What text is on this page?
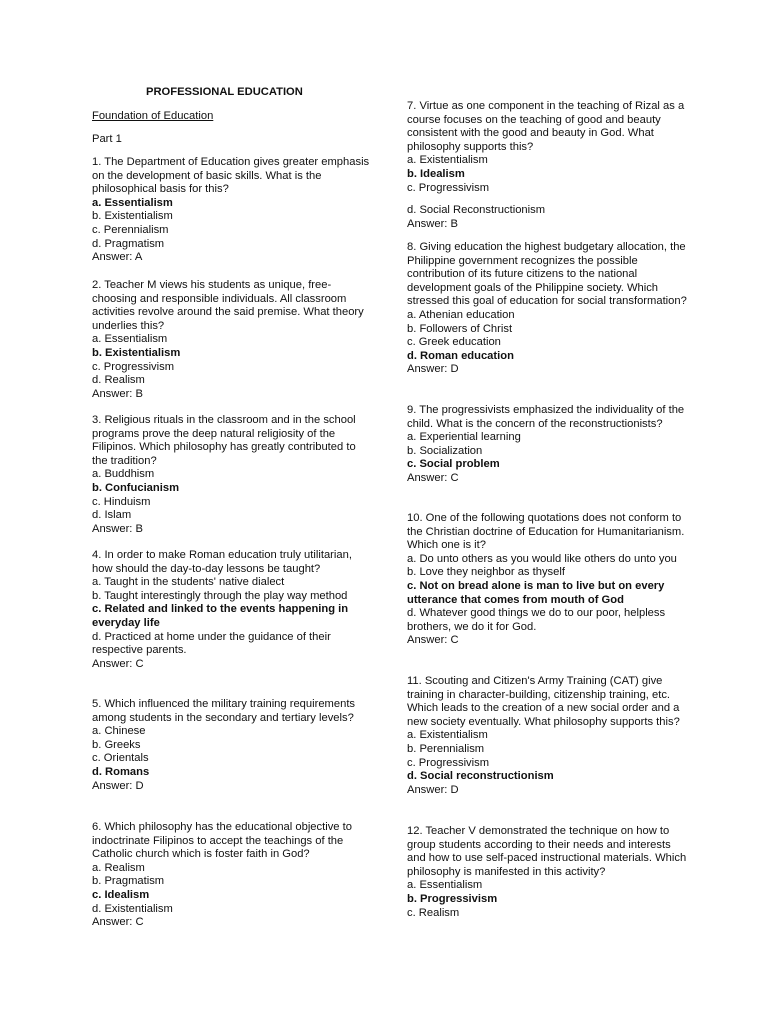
PROFESSIONAL EDUCATION
Foundation of Education
Part 1

1. The Department of Education gives greater emphasis on the development of basic skills. What is the philosophical basis for this?

a. Essentialism

b. Existentialism

c. Perennialism

d. Pragmatism

Answer: A

2. Teacher M views his students as unique, free-choosing and responsible individuals. All classroom activities revolve around the said premise. What theory underlies this?

a. Essentialism

b. Existentialism

c. Progressivism

d. Realism

Answer: B

3. Religious rituals in the classroom and in the school programs prove the deep natural religiosity of the Filipinos. Which philosophy has greatly contributed to the tradition?

a. Buddhism

b. Confucianism

c. Hinduism

d. Islam

Answer: B

4. In order to make Roman education truly utilitarian, how should the day-to-day lessons be taught?

a. Taught in the students' native dialect

b. Taught interestingly through the play way method

c. Related and linked to the events happening in everyday life

d. Practiced at home under the guidance of their respective parents.

Answer: C

5. Which influenced the military training requirements among students in the secondary and tertiary levels?

a. Chinese

b. Greeks

c. Orientals

d. Romans

Answer: D

6. Which philosophy has the educational objective to indoctrinate Filipinos to accept the teachings of the Catholic church which is foster faith in God?

a. Realism

b. Pragmatism

c. Idealism

d. Existentialism

Answer: C

7. Virtue as one component in the teaching of Rizal as a course focuses on the teaching of good and beauty consistent with the good and beauty in God. What philosophy supports this?

a. Existentialism

b. Idealism

c. Progressivism

d. Social Reconstructionism

Answer: B

8. Giving education the highest budgetary allocation, the Philippine government recognizes the possible contribution of its future citizens to the national development goals of the Philippine society. Which stressed this goal of education for social transformation?

a. Athenian education

b. Followers of Christ

c. Greek education

d. Roman education

Answer: D

9. The progressivists emphasized the individuality of the child. What is the concern of the reconstructionists?

a. Experiential learning

b. Socialization

c. Social problem

Answer: C

10. One of the following quotations does not conform to the Christian doctrine of Education for Humanitarianism. Which one is it?

a. Do unto others as you would like others do unto you

b. Love they neighbor as thyself

c. Not on bread alone is man to live but on every utterance that comes from mouth of God

d. Whatever good things we do to our poor, helpless brothers, we do it for God.

Answer: C

11. Scouting and Citizen's Army Training (CAT) give training in character-building, citizenship training, etc. Which leads to the creation of a new social order and a new society eventually. What philosophy supports this?

a. Existentialism

b. Perennialism

c. Progressivism

d. Social reconstructionism

Answer: D

12. Teacher V demonstrated the technique on how to group students according to their needs and interests and how to use self-paced instructional materials. Which philosophy is manifested in this activity?

a. Essentialism

b. Progressivism

c. Realism
